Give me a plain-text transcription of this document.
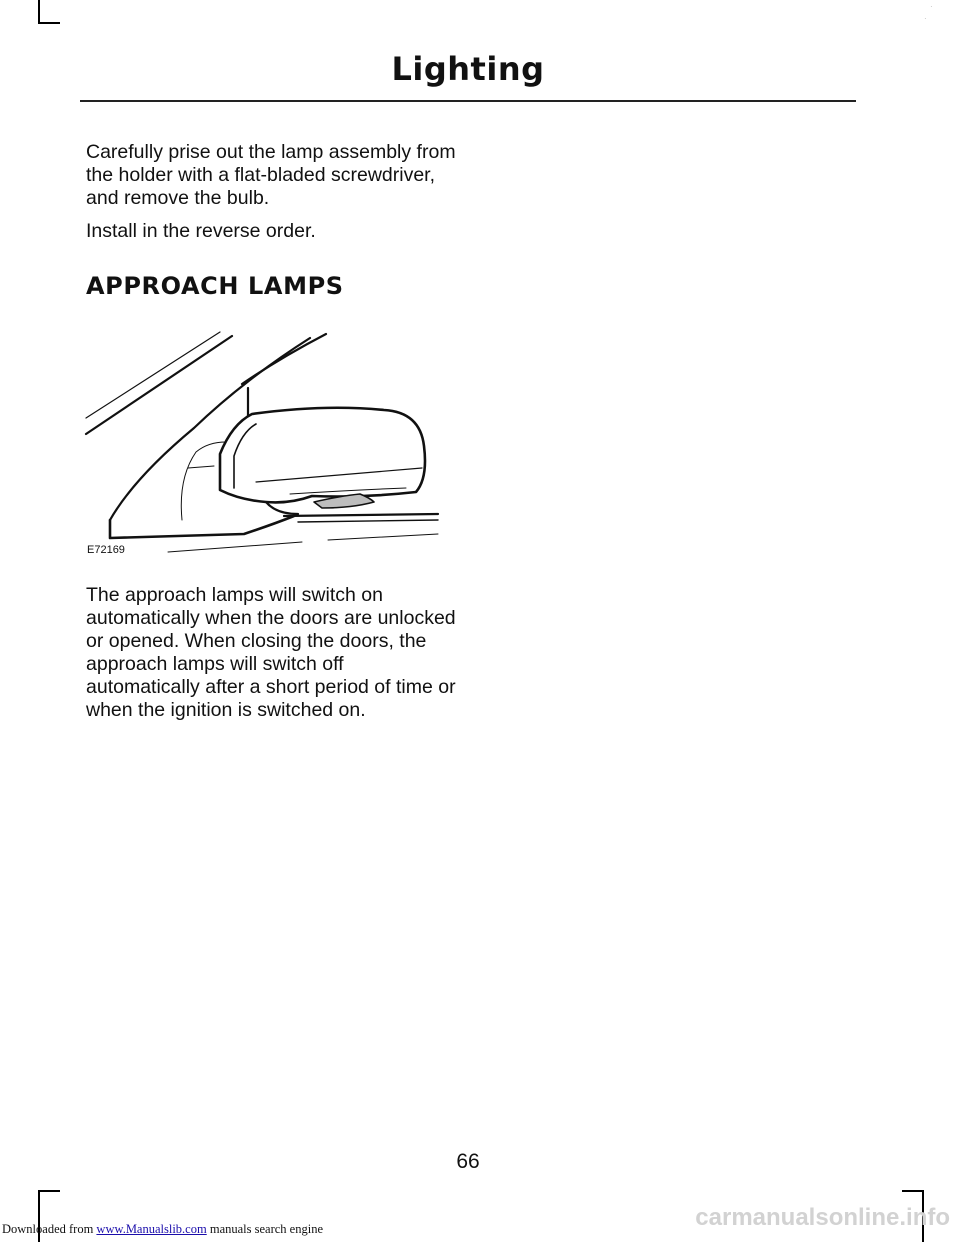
·
·
Lighting

Carefully prise out the lamp assembly from the holder with a flat-bladed screwdriver, and remove the bulb.

Install in the reverse order.

APPROACH LAMPS
E72169

The approach lamps will switch on automatically when the doors are unlocked or opened. When closing the doors, the approach lamps will switch off automatically after a short period of time or when the ignition is switched on.

66
Downloaded from www.Manualslib.com manuals search engine	carmanualsonline.info
